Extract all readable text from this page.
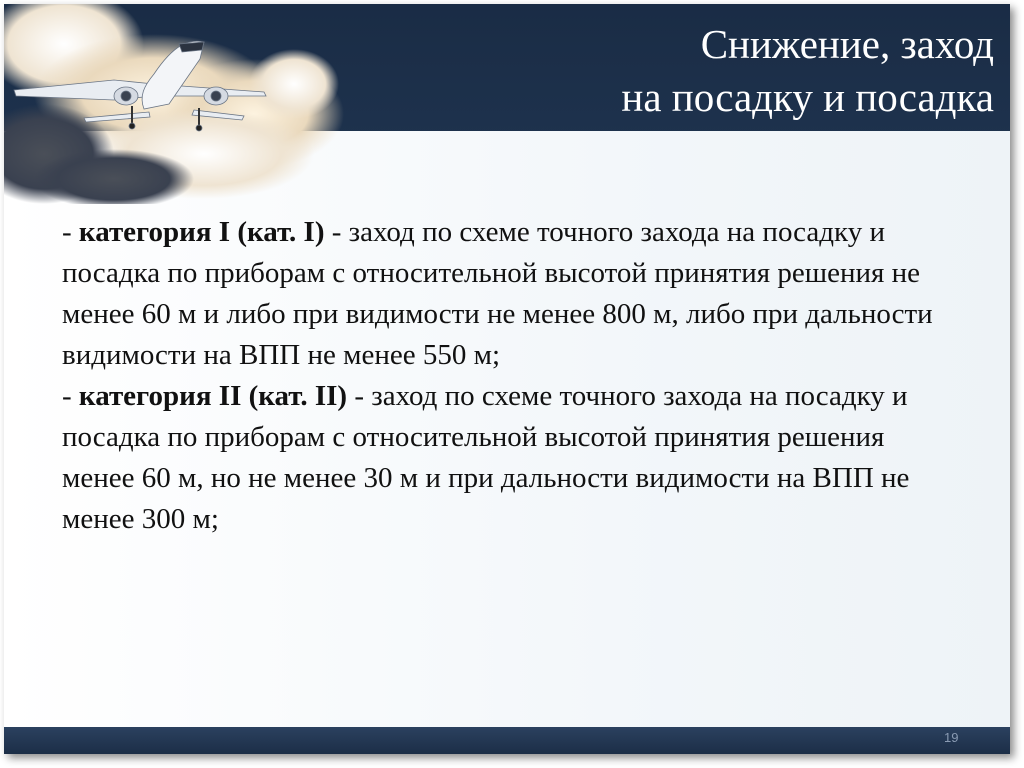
Снижение, заход
на посадку и посадка

- категория I (кат. I) - заход по схеме точного захода на посадку и посадка по приборам с относительной высотой принятия решения не менее 60 м и либо при видимости не менее 800 м, либо при дальности видимости на ВПП не менее 550 м;

- категория II (кат. II) - заход по схеме точного захода на посадку и посадка по приборам с относительной высотой принятия решения менее 60 м, но не менее 30 м и при дальности видимости на ВПП не менее 300 м;

19
